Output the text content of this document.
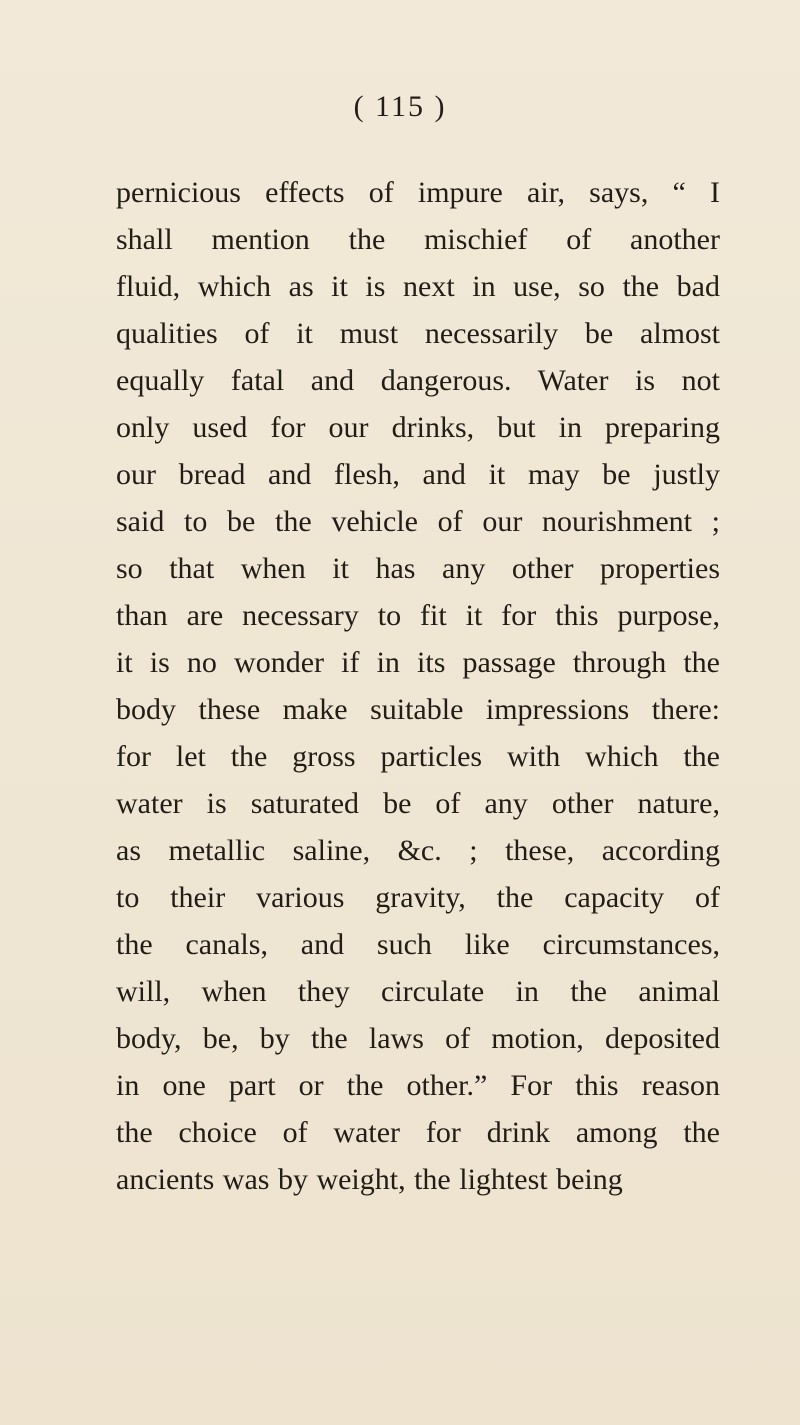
( 115 )
pernicious effects of impure air, says, “ I
shall mention the mischief of another
fluid, which as it is next in use, so the bad
qualities of it must necessarily be almost
equally fatal and dangerous. Water is not
only used for our drinks, but in preparing
our bread and flesh, and it may be justly
said to be the vehicle of our nourishment ;
so that when it has any other properties
than are necessary to fit it for this purpose,
it is no wonder if in its passage through the
body these make suitable impressions there:
for let the gross particles with which the
water is saturated be of any other nature,
as metallic saline, &c. ; these, according
to their various gravity, the capacity of
the canals, and such like circumstances,
will, when they circulate in the animal
body, be, by the laws of motion, deposited
in one part or the other.” For this reason
the choice of water for drink among the
ancients was by weight, the lightest being
